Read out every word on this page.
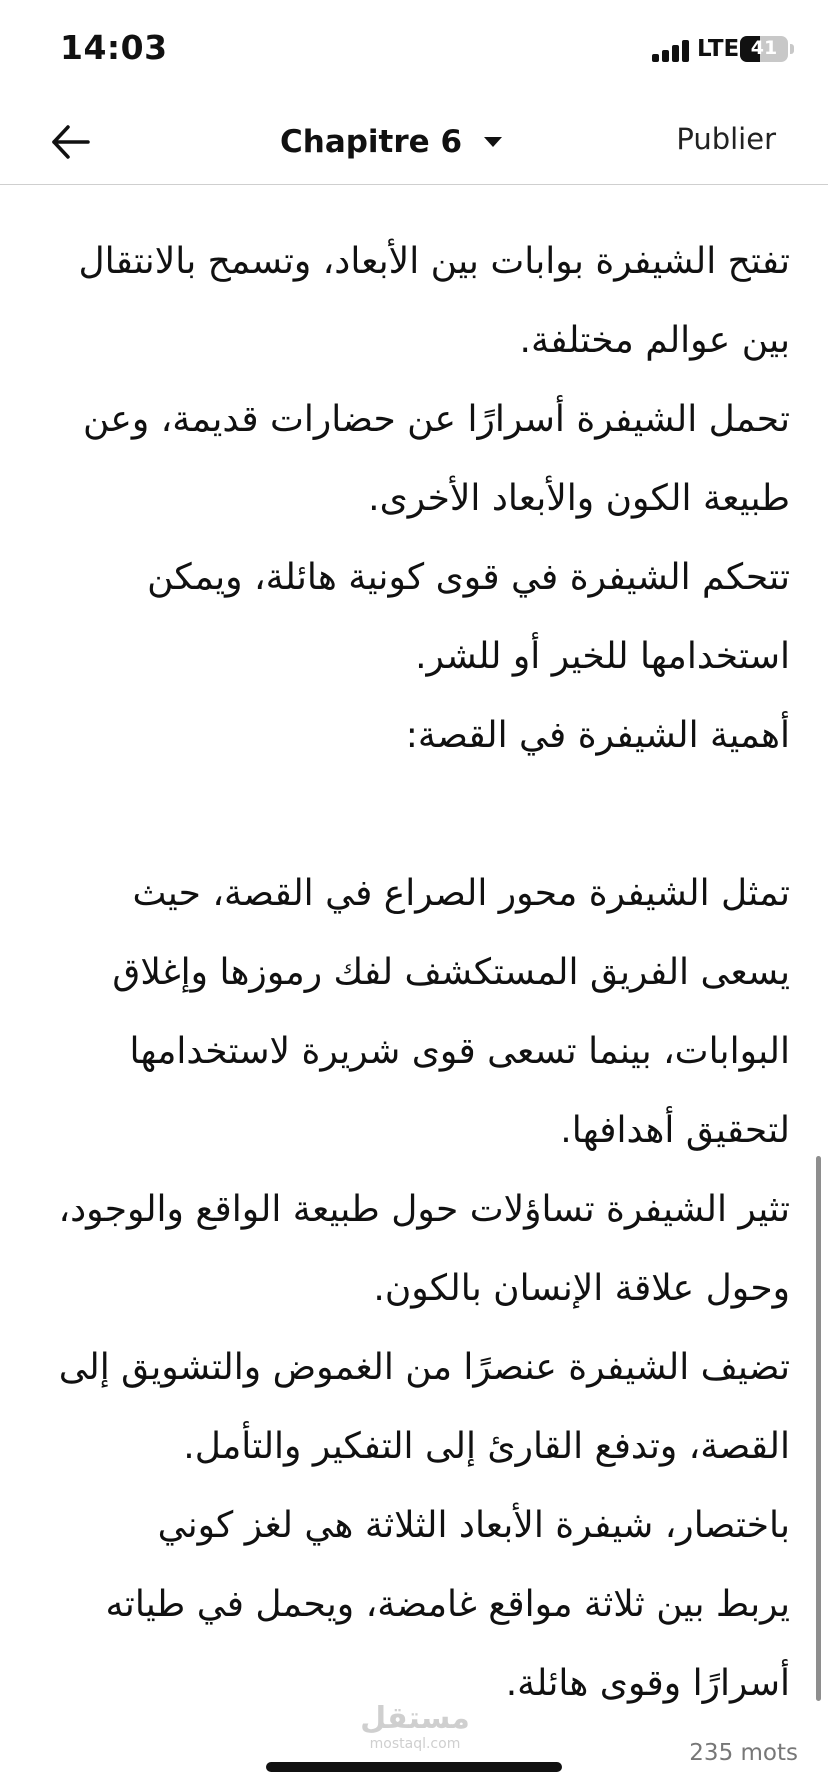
14:03	LTE 41
Chapitre 6	Publier
تفتح الشيفرة بوابات بين الأبعاد، وتسمح بالانتقال
بين عوالم مختلفة.
تحمل الشيفرة أسرارًا عن حضارات قديمة، وعن
طبيعة الكون والأبعاد الأخرى.
تتحكم الشيفرة في قوى كونية هائلة، ويمكن
استخدامها للخير أو للشر.
أهمية الشيفرة في القصة:
تمثل الشيفرة محور الصراع في القصة، حيث
يسعى الفريق المستكشف لفك رموزها وإغلاق
البوابات، بينما تسعى قوى شريرة لاستخدامها
لتحقيق أهدافها.
تثير الشيفرة تساؤلات حول طبيعة الواقع والوجود،
وحول علاقة الإنسان بالكون.
تضيف الشيفرة عنصرًا من الغموض والتشويق إلى
القصة، وتدفع القارئ إلى التفكير والتأمل.
باختصار، شيفرة الأبعاد الثلاثة هي لغز كوني
يربط بين ثلاثة مواقع غامضة، ويحمل في طياته
أسرارًا وقوى هائلة.
مستقل
mostaql.com	235 mots
